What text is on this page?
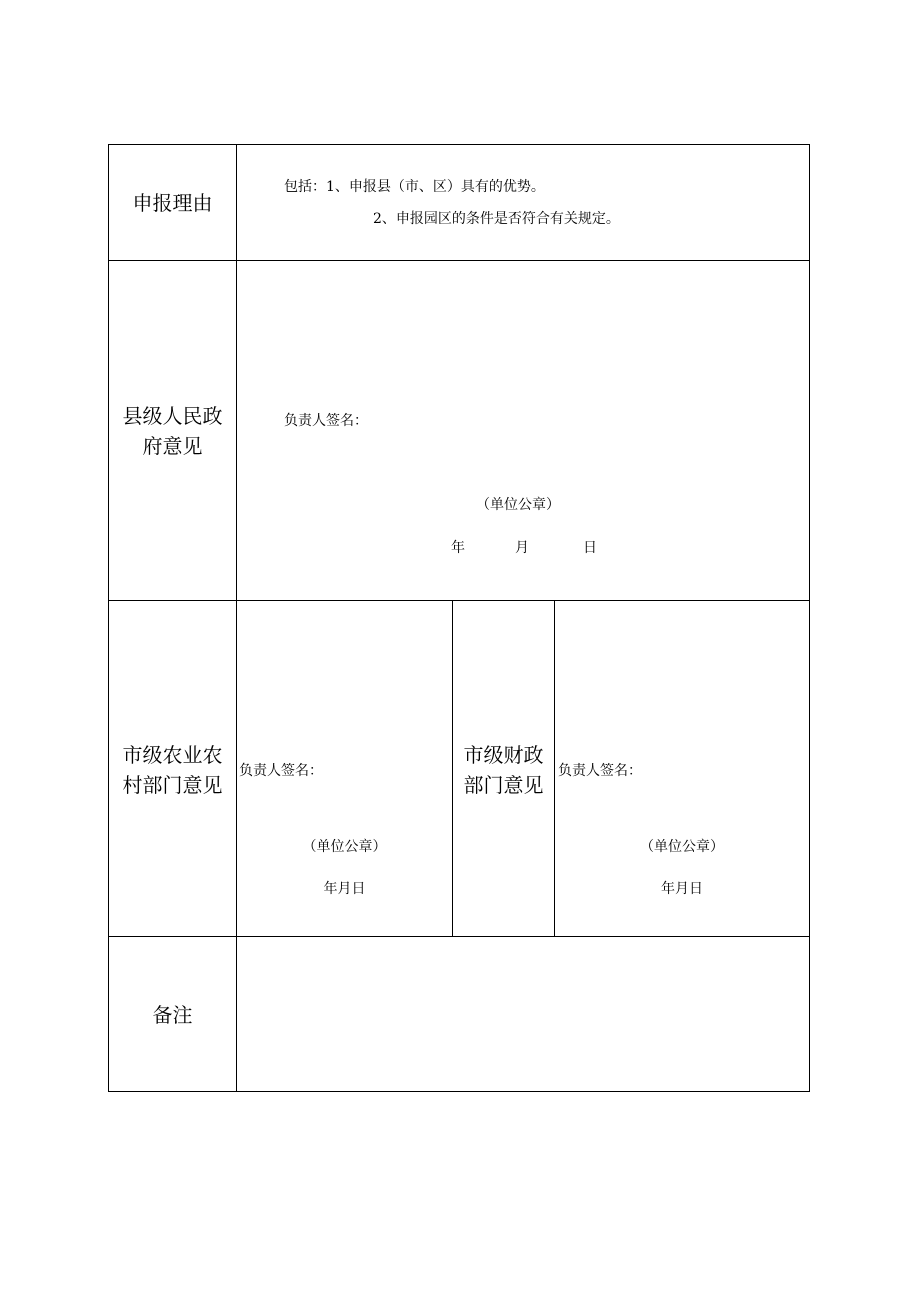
申报理由
包括：1、申报县（市、区）具有的优势。
2、申报园区的条件是否符合有关规定。
县级人民政
府意见
负责人签名：
（单位公章）
年	月	日
市级农业农
村部门意见
负责人签名：
（单位公章）
年月日
市级财政
部门意见
负责人签名：
（单位公章）
年月日
备注
